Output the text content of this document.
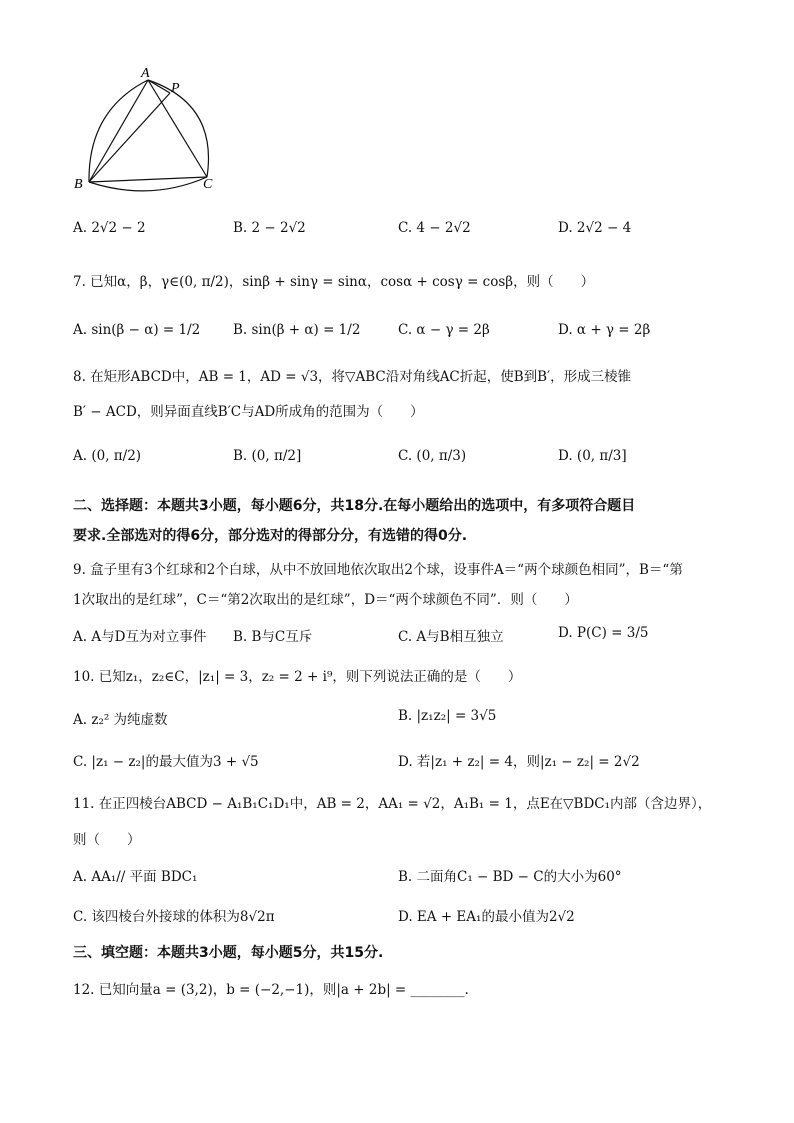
A
P
B	C
A. 2√2 − 2	B. 2 − 2√2	C. 4 − 2√2	D. 2√2 − 4
7. 已知α，β，γ∈(0, π/2)，sinβ + sinγ = sinα，cosα + cosγ = cosβ，则（　　）
A. sin(β − α) = 1/2 B. sin(β + α) = 1/2	C. α − γ = 2β	D. α + γ = 2β
8. 在矩形ABCD中，AB = 1，AD = √3，将▽ABC沿对角线AC折起，使B到B′，形成三棱锥
B′ − ACD，则异面直线B′C与AD所成角的范围为（　　）
A. (0, π/2)	B. (0, π/2]	C. (0, π/3)	D. (0, π/3]
二、选择题：本题共3小题，每小题6分，共18分.在每小题给出的选项中，有多项符合题目
要求.全部选对的得6分，部分选对的得部分分，有选错的得0分.
9. 盒子里有3个红球和2个白球，从中不放回地依次取出2个球，设事件A＝“两个球颜色相同”，B＝“第
1次取出的是红球”，C＝“第2次取出的是红球”，D＝“两个球颜色不同”．则（　　）
A. A与D互为对立事件 B. B与C互斥	C. A与B相互独立	D. P(C) = 3/5
10. 已知z₁，z₂∈C，|z₁| = 3，z₂ = 2 + i⁹，则下列说法正确的是（　　）
A. z₂² 为纯虚数	B. |z₁z₂| = 3√5
C. |z₁ − z₂|的最大值为3 + √5	D. 若|z₁ + z₂| = 4，则|z₁ − z₂| = 2√2
11. 在正四棱台ABCD − A₁B₁C₁D₁中，AB = 2，AA₁ = √2，A₁B₁ = 1，点E在▽BDC₁内部（含边界），
则（　　）
A. AA₁// 平面 BDC₁	B. 二面角C₁ − BD − C的大小为60°
C. 该四棱台外接球的体积为8√2π	D. EA + EA₁的最小值为2√2
三、填空题：本题共3小题，每小题5分，共15分.
12. 已知向量a = (3,2)，b = (−2,−1)，则|a + 2b| = ________.
